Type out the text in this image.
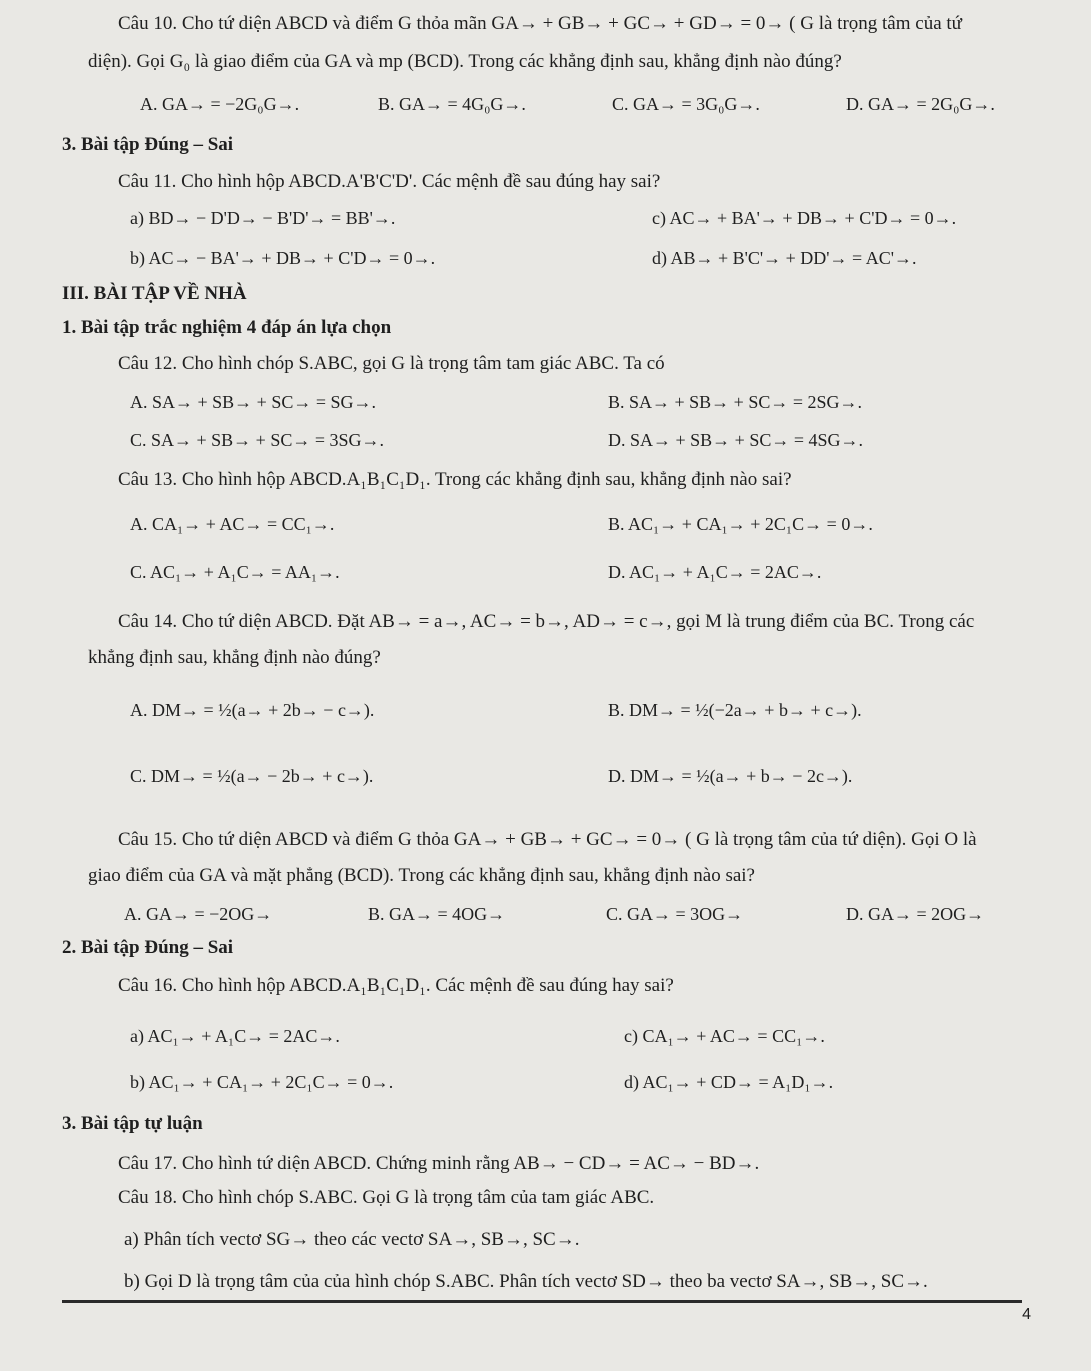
Câu 10. Cho tứ diện ABCD và điểm G thỏa mãn GA→ + GB→ + GC→ + GD→ = 0→ ( G là trọng tâm của tứ
diện). Gọi G₀ là giao điểm của GA và mp (BCD). Trong các khẳng định sau, khẳng định nào đúng?
A. GA→ = −2G₀G→.	B. GA→ = 4G₀G→.	C. GA→ = 3G₀G→.	D. GA→ = 2G₀G→.
3. Bài tập Đúng – Sai
Câu 11. Cho hình hộp ABCD.A'B'C'D'. Các mệnh đề sau đúng hay sai?
a) BD→ − D'D→ − B'D'→ = BB'→.	c) AC→ + BA'→ + DB→ + C'D→ = 0→.
b) AC→ − BA'→ + DB→ + C'D→ = 0→.	d) AB→ + B'C'→ + DD'→ = AC'→.
III. BÀI TẬP VỀ NHÀ
1. Bài tập trắc nghiệm 4 đáp án lựa chọn
Câu 12. Cho hình chóp S.ABC, gọi G là trọng tâm tam giác ABC. Ta có
A. SA→ + SB→ + SC→ = SG→.	B. SA→ + SB→ + SC→ = 2SG→.
C. SA→ + SB→ + SC→ = 3SG→.	D. SA→ + SB→ + SC→ = 4SG→.
Câu 13. Cho hình hộp ABCD.A₁B₁C₁D₁. Trong các khẳng định sau, khẳng định nào sai?
A. CA₁→ + AC→ = CC₁→.	B. AC₁→ + CA₁→ + 2C₁C→ = 0→.
C. AC₁→ + A₁C→ = AA₁→.	D. AC₁→ + A₁C→ = 2AC→.
Câu 14. Cho tứ diện ABCD. Đặt AB→ = a→, AC→ = b→, AD→ = c→, gọi M là trung điểm của BC. Trong các
khẳng định sau, khẳng định nào đúng?
A. DM→ = ½(a→ + 2b→ − c→).	B. DM→ = ½(−2a→ + b→ + c→).
C. DM→ = ½(a→ − 2b→ + c→).	D. DM→ = ½(a→ + b→ − 2c→).
Câu 15. Cho tứ diện ABCD và điểm G thỏa GA→ + GB→ + GC→ = 0→ ( G là trọng tâm của tứ diện). Gọi O là
giao điểm của GA và mặt phẳng (BCD). Trong các khẳng định sau, khẳng định nào sai?
A. GA→ = −2OG→	B. GA→ = 4OG→	C. GA→ = 3OG→	D. GA→ = 2OG→
2. Bài tập Đúng – Sai
Câu 16. Cho hình hộp ABCD.A₁B₁C₁D₁. Các mệnh đề sau đúng hay sai?
a) AC₁→ + A₁C→ = 2AC→.	c) CA₁→ + AC→ = CC₁→.
b) AC₁→ + CA₁→ + 2C₁C→ = 0→.	d) AC₁→ + CD→ = A₁D₁→.
3. Bài tập tự luận
Câu 17. Cho hình tứ diện ABCD. Chứng minh rằng AB→ − CD→ = AC→ − BD→.
Câu 18. Cho hình chóp S.ABC. Gọi G là trọng tâm của tam giác ABC.
a) Phân tích vectơ SG→ theo các vectơ SA→, SB→, SC→.
b) Gọi D là trọng tâm của của hình chóp S.ABC. Phân tích vectơ SD→ theo ba vectơ SA→, SB→, SC→.
4
